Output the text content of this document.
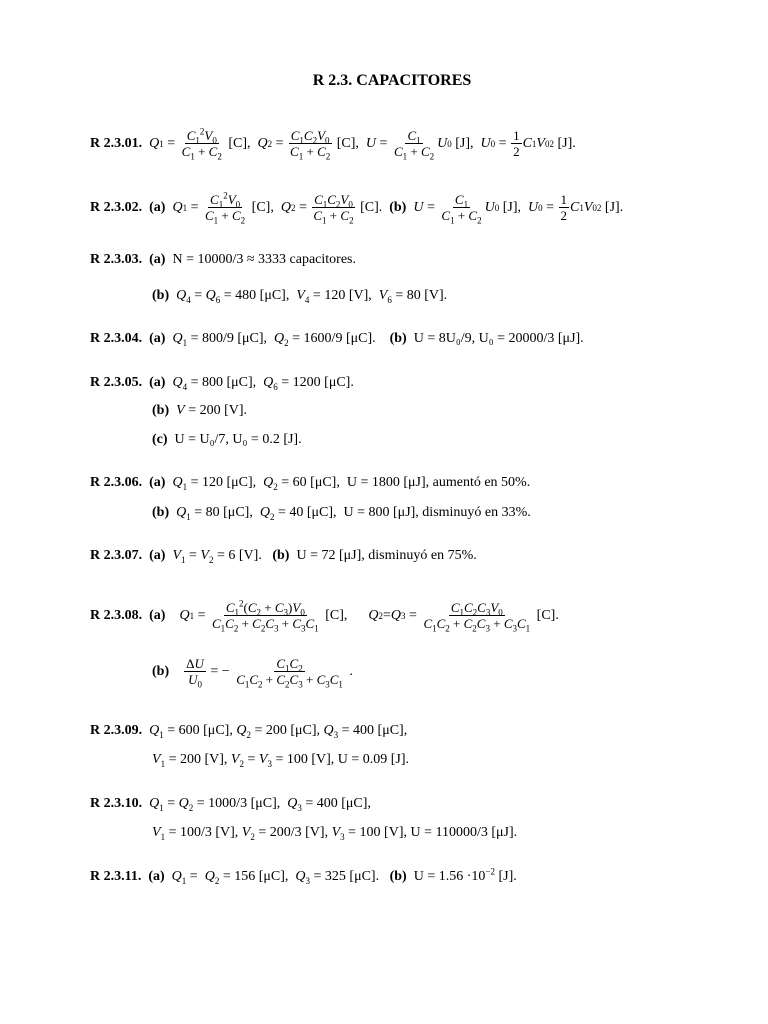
R 2.3. CAPACITORES
R 2.3.01.
Q $1 = \frac{C_1^2V_0}{C_1 + C_2} [C]$, Q $2 = \frac{C_1C_2V_0}{C_1 + C_2} [C]$, $U = \frac{C_1}{C_1 + C_2}$ U 0 [J], U $0 = \frac{1}{2}$ C 1 V 0 2 [J].
R 2.3.02.
(a)
Q $1 = \frac{C_1^2V_0}{C_1 + C_2} [C]$, Q $2 = \frac{C_1C_2V_0}{C_1 + C_2} [C]$. (b)
$U = \frac{C_1}{C_1 + C_2}$ U 0 [J], U $0 = \frac{1}{2}$ C 1 V 0 2 [J].
R 2.3.03. (a) N = 10000/3 ≈ 3333 capacitores.
(b) $Q_4 = Q_6 = 480$ [μC],  $V_4 = 120$ [V],  $V_6 = 80$ [V].
R 2.3.04. (a) $Q_1 = 800/9$ [μC],  $Q_2 = 1600/9$ [μC].    (b) U = 8U₀/9, U₀ = 20000/3 [μJ].
R 2.3.05. (a) $Q_4 = 800$ [μC],  $Q_6 = 1200$ [μC].
(b) V = 200 [V].
(c) U = U₀/7, U₀ = 0.2 [J].
R 2.3.06. (a) $Q_1 = 120$ [μC],  $Q_2 = 60$ [μC],  U = 1800 [μJ], aumentó en 50%.
(b) $Q_1 = 80$ [μC],  $Q_2 = 40$ [μC],  U = 800 [μJ], disminuyó en 33%.
R 2.3.07. (a) $V_1 = V_2 = 6$ [V].   (b) U = 72 [μJ], disminuyó en 75%.
R 2.3.08.
(a)
Q $1 = \frac{C_1^2(C_2 + C_3)V_0}{C_1C_2 + C_2C_3 + C_3C_1} [C]$, Q 2 = Q $3 = \frac{C_1C_2C_3V_0}{C_1C_2 + C_2C_3 + C_3C_1} [C]$.
(b)
$\frac{\Delta U}{U_0}$ = − $\frac{C_1C_2}{C_1C_2 + C_2C_3 + C_3C_1}$ .
R 2.3.09. $Q_1 = 600$ [μC], $Q_2 = 200$ [μC], $Q_3 = 400$ [μC],
$V_1 = 200$ [V], $V_2 = V_3 = 100$ [V], U = 0.09 [J].
R 2.3.10. $Q_1 = Q_2 = 1000/3$ [μC],  $Q_3 = 400$ [μC],
$V_1 = 100/3$ [V], $V_2 = 200/3$ [V], $V_3 = 100$ [V], U = 110000/3 [μJ].
R 2.3.11. (a) $Q_1 = Q_2 = 156$ [μC],  $Q_3 = 325$ [μC].   (b)  $U = 1.56 \cdot 10^{-2}$ [J].
